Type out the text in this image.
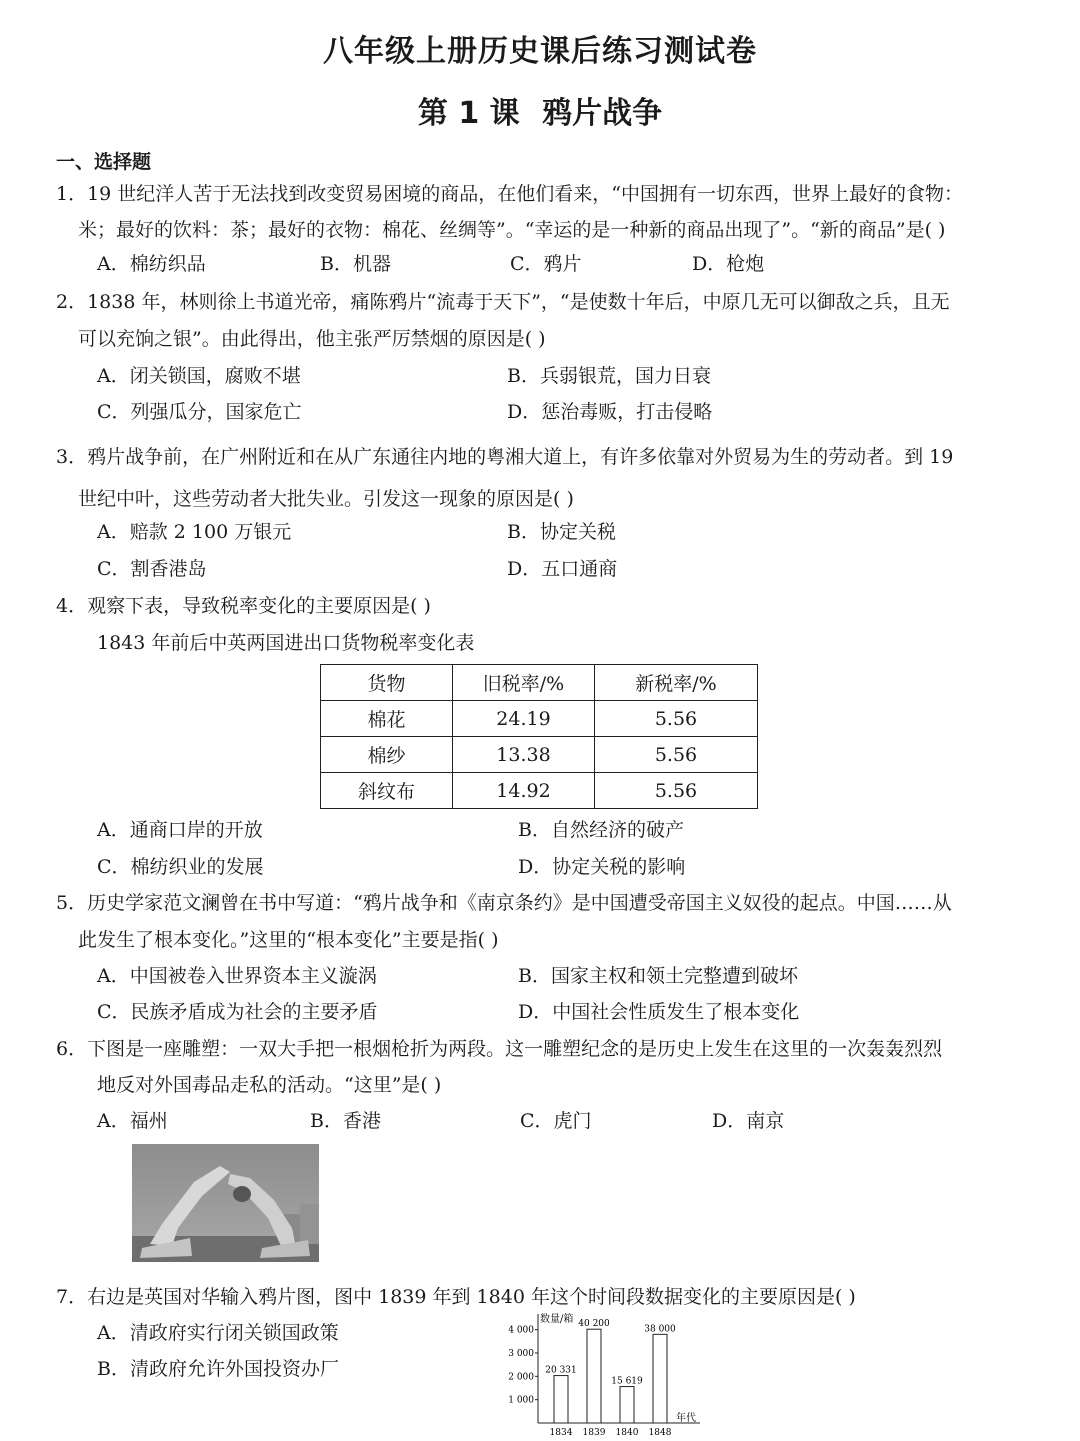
八年级上册历史课后练习测试卷
第 1 课 鸦片战争
一、选择题
1．19 世纪洋人苦于无法找到改变贸易困境的商品，在他们看来，“中国拥有一切东西，世界上最好的食物：
米；最好的饮料：茶；最好的衣物：棉花、丝绸等”。“幸运的是一种新的商品出现了”。“新的商品”是( )
A．棉纺织品	B．机器	C．鸦片	D．枪炮
2．1838 年，林则徐上书道光帝，痛陈鸦片“流毒于天下”，“是使数十年后，中原几无可以御敌之兵，且无
可以充饷之银”。由此得出，他主张严厉禁烟的原因是( )
A．闭关锁国，腐败不堪	B．兵弱银荒，国力日衰
C．列强瓜分，国家危亡	D．惩治毒贩，打击侵略
3．鸦片战争前，在广州附近和在从广东通往内地的粤湘大道上，有许多依靠对外贸易为生的劳动者。到 19
世纪中叶，这些劳动者大批失业。引发这一现象的原因是( )
A．赔款 2 100 万银元	B．协定关税
C．割香港岛	D．五口通商
4．观察下表，导致税率变化的主要原因是( )
1843 年前后中英两国进出口货物税率变化表
货物	旧税率/%	新税率/%
棉花	24.19	5.56
棉纱	13.38	5.56
斜纹布	14.92	5.56
A．通商口岸的开放	B．自然经济的破产
C．棉纺织业的发展	D．协定关税的影响
5．历史学家范文澜曾在书中写道：“鸦片战争和《南京条约》是中国遭受帝国主义奴役的起点。中国……从
此发生了根本变化。”这里的“根本变化”主要是指( )
A．中国被卷入世界资本主义漩涡	B．国家主权和领土完整遭到破坏
C．民族矛盾成为社会的主要矛盾	D．中国社会性质发生了根本变化
6．下图是一座雕塑：一双大手把一根烟枪折为两段。这一雕塑纪念的是历史上发生在这里的一次轰轰烈烈
地反对外国毒品走私的活动。“这里”是( )
A．福州	B．香港	C．虎门	D．南京
7．右边是英国对华输入鸦片图，图中 1839 年到 1840 年这个时间段数据变化的主要原因是( )
A．清政府实行闭关锁国政策
B．清政府允许外国投资办厂
数量/箱
年代
1 000
2 000
3 000
4 000
20 331
1834
40 200
1839
15 619
1840
38 000
1848
